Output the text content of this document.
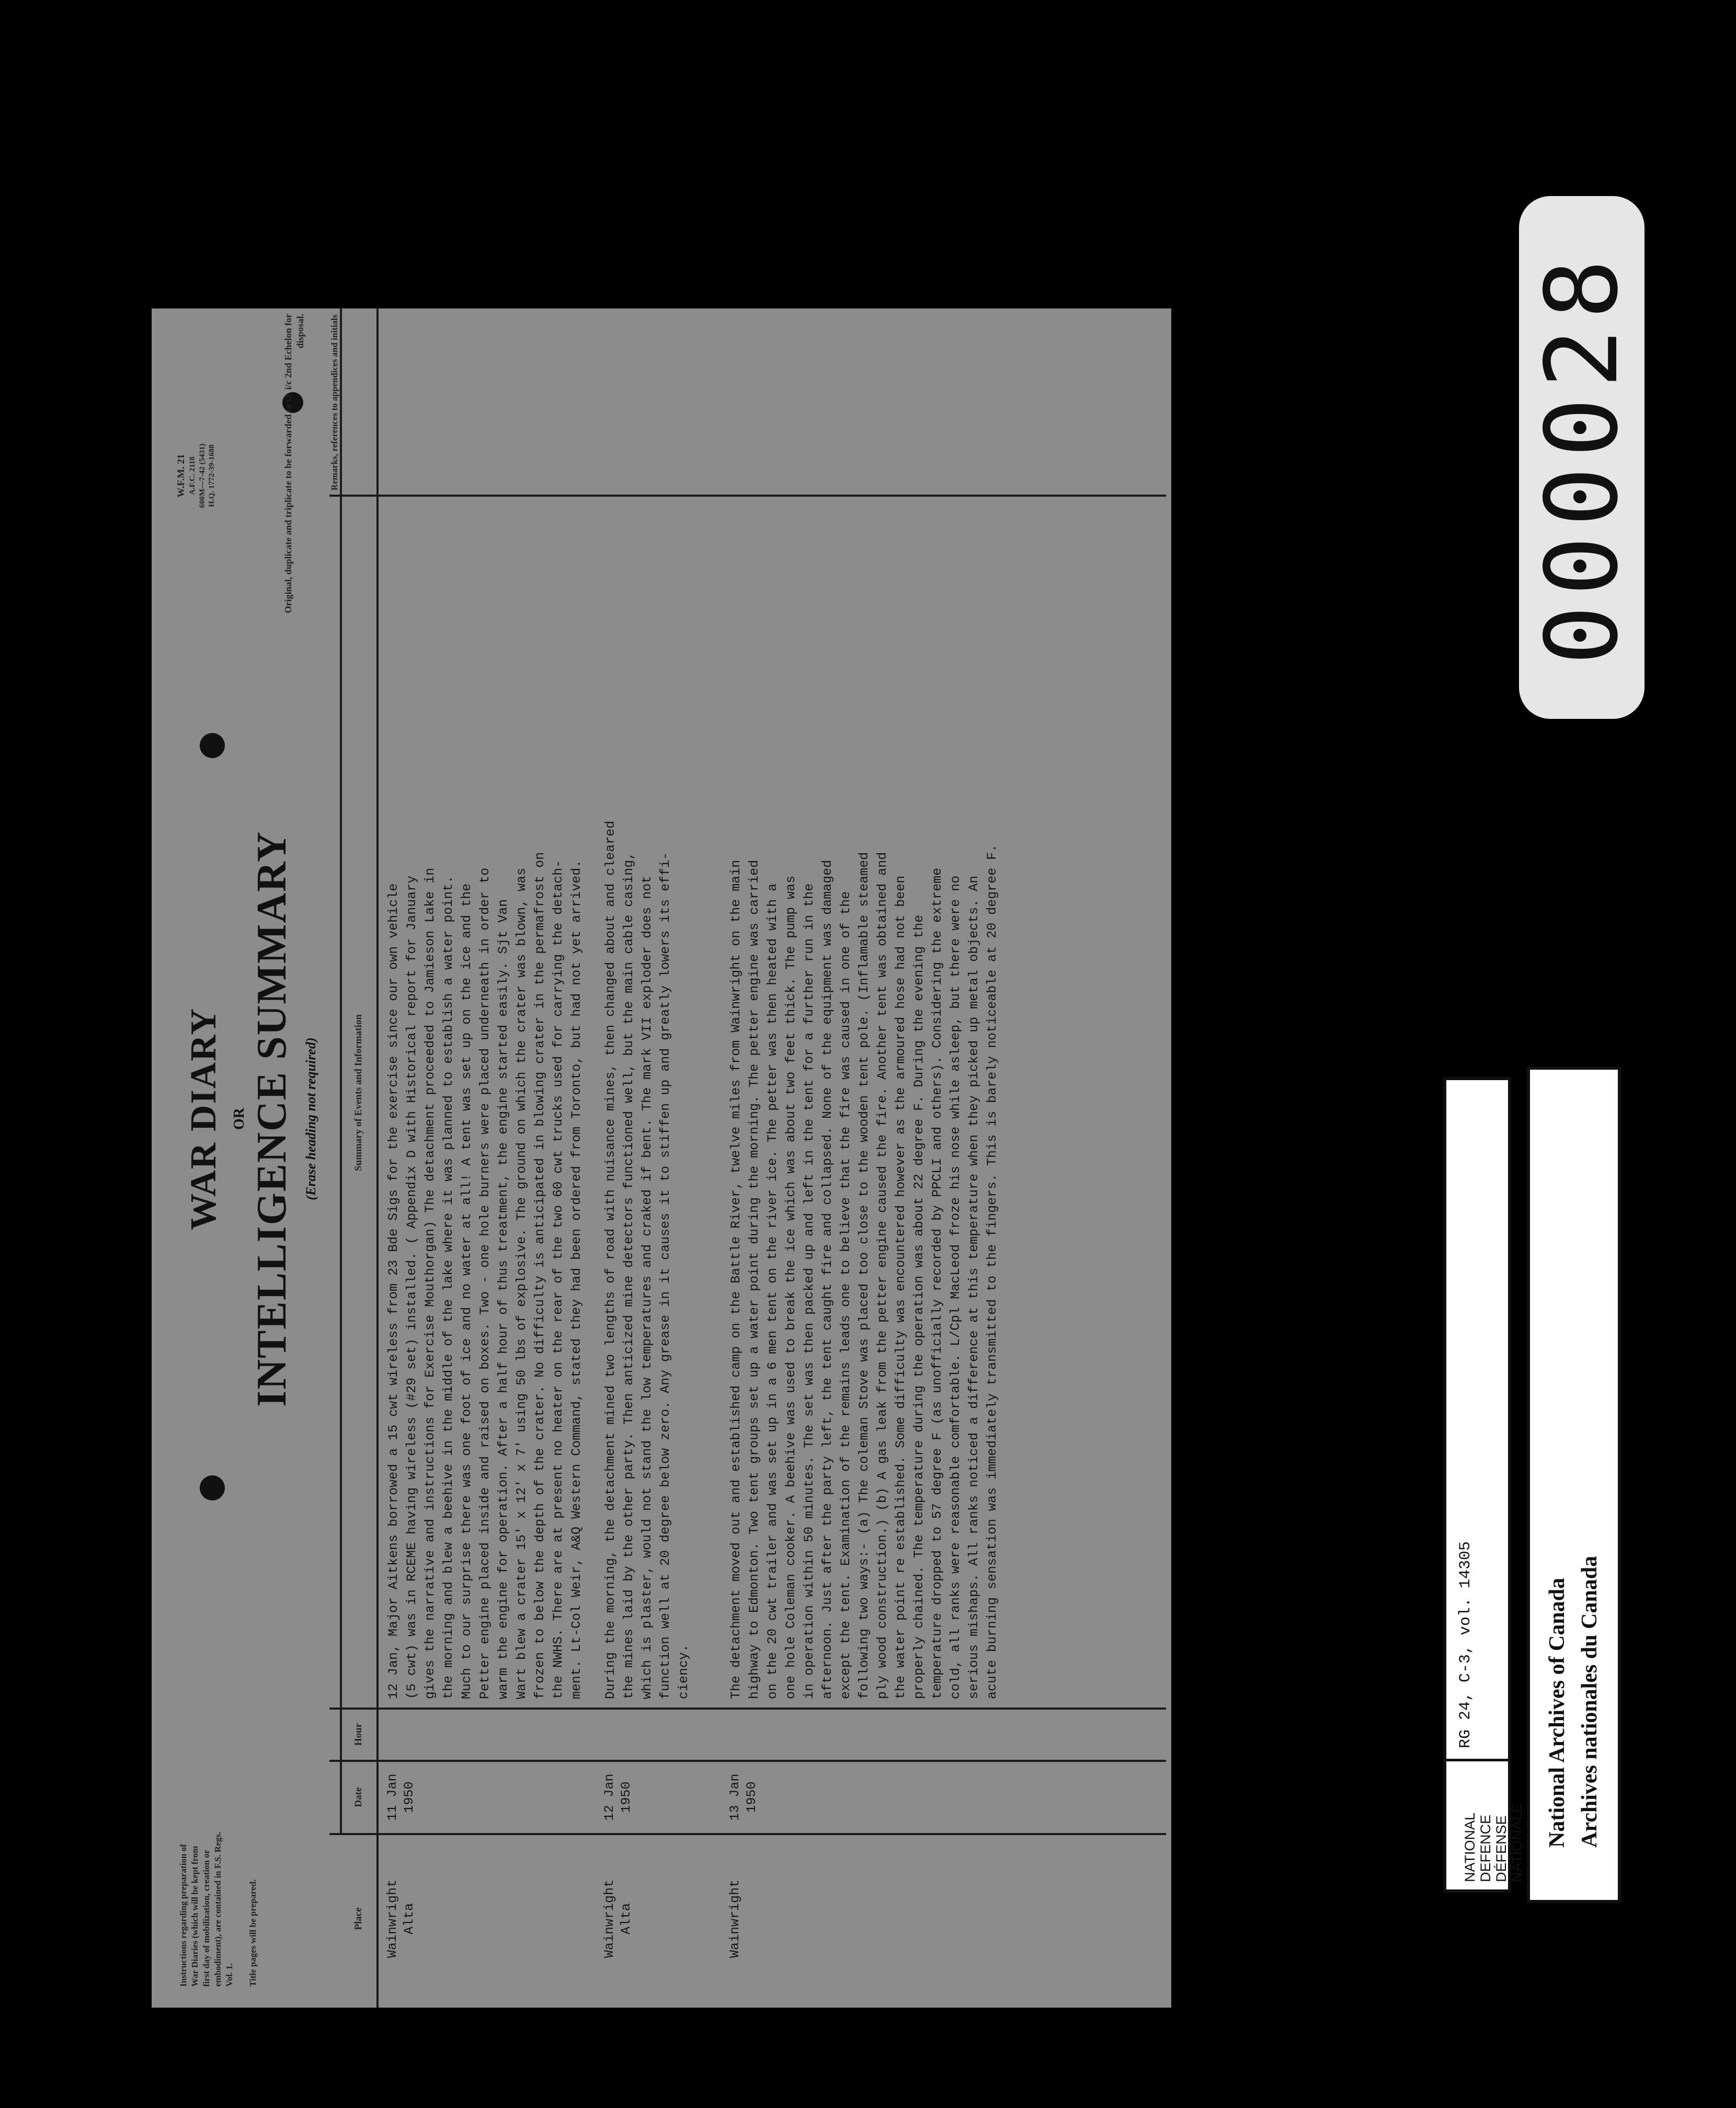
Instructions regarding preparation of War Diaries (which will be kept from first day of mobilization, creation or embodiment), are contained in F.S. Regs. Vol. 1. Title pages will be prepared.
WAR DIARY OR INTELLIGENCE SUMMARY (Erase heading not required)
W.F.M. 21 A.F.C. 2118 600M—7-42 (5431) H.Q. 1772-39-1688	Original, duplicate and triplicate to be forwarded to O. i/c 2nd Echelon for disposal.
Place
Date
Hour
Summary of Events and Information
Remarks, references to appendices and initials
Wainwright
Alta
11 Jan
1950
12 Jan, Major Aitkens borrowed a 15 cwt wireless from 23 Bde Sigs for the exercise since our own vehicle (5 cwt) was in RCEME having wireless (#29 set) installed. ( Appendix D with Historical report for January gives the narrative and instructions for Exercise Mouthorgan) The detachment proceeded to Jamieson Lake in the morning and blew a beehive in the middle of the lake where it was planned to establish a water point. Much to our surprise there was one foot of ice and no water at all! A tent was set up on the ice and the Petter engine placed inside and raised on boxes. Two - one hole burners were placed underneath in order to warm the engine for operation. After a half hour of thus treatment, the engine started easily. Sjt Van Wart blew a crater 15' x 12' x 7' using 50 lbs of explosive. The ground on which the crater was blown, was frozen to below the depth of the crater. No difficulty is anticipated in blowing crater in the permafrost on the NWHS. There are at present no heater on the rear of the two 60 cwt trucks used for carrying the detach- ment. Lt-Col Weir, A&Q Western Command, stated they had been ordered from Toronto, but had not yet arrived.
Wainwright
Alta
12 Jan
1950
During the morning, the detachment mined two lengths of road with nuisance mines, then changed about and cleared the mines laid by the other party. Then anticized mine detectors functioned well, but the main cable casing, which is plaster, would not stand the low temperatures and craked if bent. The mark VII exploder does not function well at 20 degree below zero. Any grease in it causes it to stiffen up and greatly lowers its effi- ciency.
Wainwright
13 Jan
1950
The detachment moved out and established camp on the Battle River, twelve miles from Wainwright on the main highway to Edmonton. Two tent groups set up a water point during the morning. The petter engine was carried on the 20 cwt trailer and was set up in a 6 men tent on the river ice. The petter was then heated with a one hole Coleman cooker. A beehive was used to break the ice which was about two feet thick. The pump was in operation within 50 minutes. The set was then packed up and left in the tent for a further run in the afternoon. Just after the party left, the tent caught fire and collapsed. None of the equipment was damaged except the tent. Examination of the remains leads one to believe that the fire was caused in one of the following two ways:- (a) The coleman Stove was placed too close to the wooden tent pole. (Inflamable steamed ply wood construction.) (b) A gas leak from the petter engine caused the fire. Another tent was obtained and the water point re established. Some difficulty was encountered however as the armoured hose had not been properly chained. The temperature during the operation was about 22 degree F. During the evening the temperature dropped to 57 degree F (as unofficially recorded by PPCLI and others). Considering the extreme cold, all ranks were reasonable comfortable. L/Cpl MacLeod froze his nose while asleep, but there were no serious mishaps. All ranks noticed a difference at this temperature when they picked up metal objects. An acute burning sensation was immediately transmitted to the fingers. This is barely noticeable at 20 degree F.
NATIONAL DEFENCE DÉFENSE NATIONALE
RG 24, C-3, vol. 14305	National Archives of Canada Archives nationales du Canada
000028
